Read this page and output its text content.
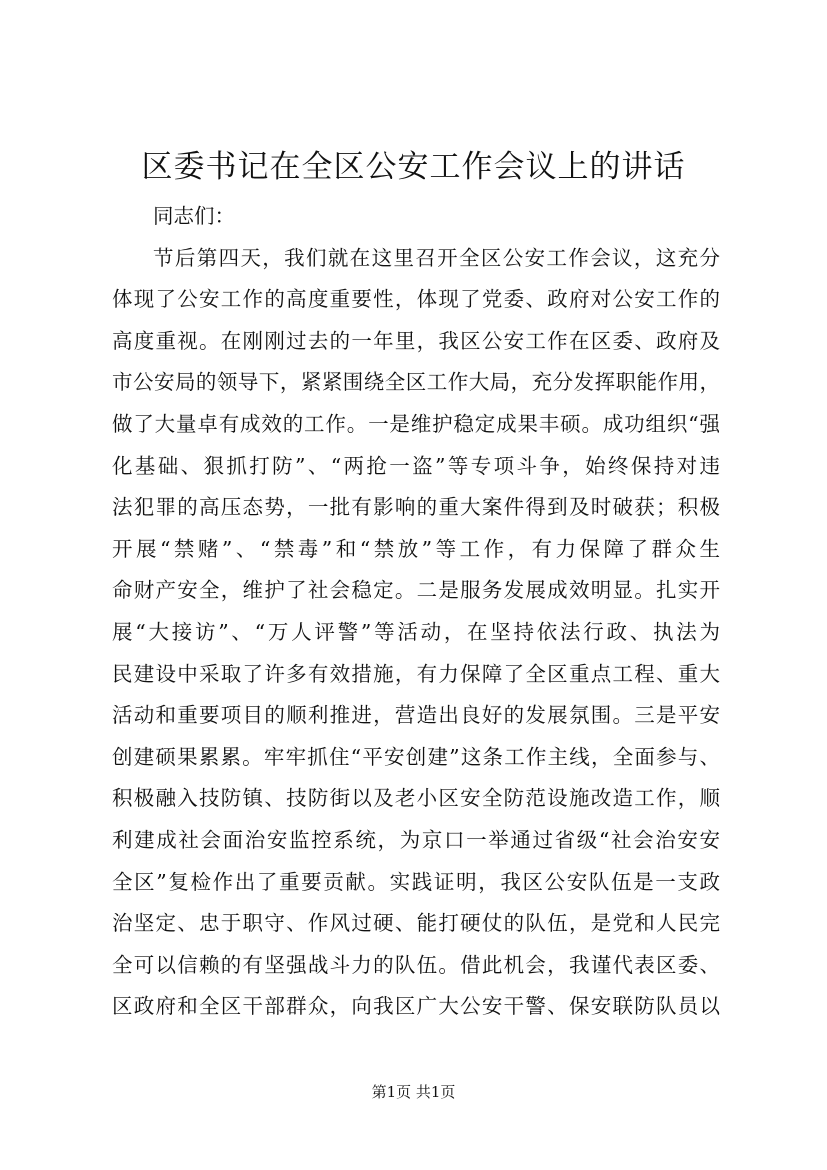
区委书记在全区公安工作会议上的讲话
同志们：
节后第四天，我们就在这里召开全区公安工作会议，这充分
体现了公安工作的高度重要性，体现了党委、政府对公安工作的
高度重视。在刚刚过去的一年里，我区公安工作在区委、政府及
市公安局的领导下，紧紧围绕全区工作大局，充分发挥职能作用，
做了大量卓有成效的工作。一是维护稳定成果丰硕。成功组织“强
化基础、狠抓打防”、“两抢一盗”等专项斗争，始终保持对违
法犯罪的高压态势，一批有影响的重大案件得到及时破获；积极
开展“禁赌”、“禁毒”和“禁放”等工作，有力保障了群众生
命财产安全，维护了社会稳定。二是服务发展成效明显。扎实开
展“大接访”、“万人评警”等活动，在坚持依法行政、执法为
民建设中采取了许多有效措施，有力保障了全区重点工程、重大
活动和重要项目的顺利推进，营造出良好的发展氛围。三是平安
创建硕果累累。牢牢抓住“平安创建”这条工作主线，全面参与、
积极融入技防镇、技防街以及老小区安全防范设施改造工作，顺
利建成社会面治安监控系统，为京口一举通过省级“社会治安安
全区”复检作出了重要贡献。实践证明，我区公安队伍是一支政
治坚定、忠于职守、作风过硬、能打硬仗的队伍，是党和人民完
全可以信赖的有坚强战斗力的队伍。借此机会，我谨代表区委、
区政府和全区干部群众，向我区广大公安干警、保安联防队员以
第1页 共1页
